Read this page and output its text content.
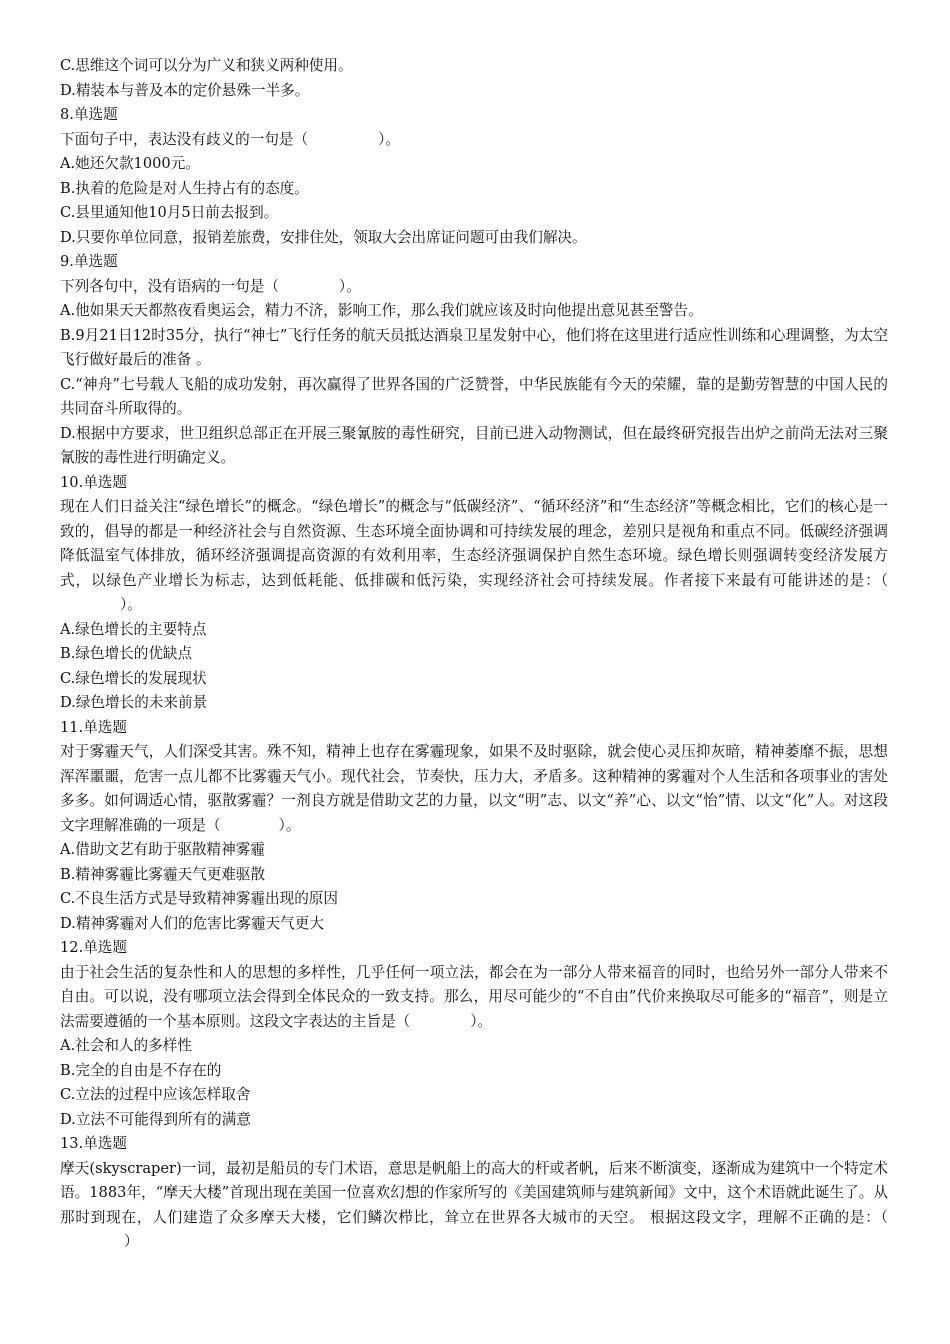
C.思维这个词可以分为广义和狭义两种使用。
D.精装本与普及本的定价悬殊一半多。
8.单选题
下面句子中，表达没有歧义的一句是（	）。
A.她还欠款1000元。
B.执着的危险是对人生持占有的态度。
C.县里通知他10月5日前去报到。
D.只要你单位同意，报销差旅费，安排住处，领取大会出席证问题可由我们解决。
9.单选题
下列各句中，没有语病的一句是（	）。
A.他如果天天都熬夜看奥运会，精力不济，影响工作，那么我们就应该及时向他提出意见甚至警告。
B.9月21日12时35分，执行“神七”飞行任务的航天员抵达酒泉卫星发射中心，他们将在这里进行适应性训练和心理调整，为太空飞行做好最后的准备 。
C.“神舟”七号载人飞船的成功发射，再次赢得了世界各国的广泛赞誉，中华民族能有今天的荣耀，靠的是勤劳智慧的中国人民的共同奋斗所取得的。
D.根据中方要求，世卫组织总部正在开展三聚氰胺的毒性研究，目前已进入动物测试，但在最终研究报告出炉之前尚无法对三聚氰胺的毒性进行明确定义。
10.单选题
现在人们日益关注“绿色增长”的概念。“绿色增长”的概念与“低碳经济”、“循环经济”和“生态经济”等概念相比，它们的核心是一致的，倡导的都是一种经济社会与自然资源、生态环境全面协调和可持续发展的理念，差别只是视角和重点不同。低碳经济强调降低温室气体排放，循环经济强调提高资源的有效利用率，生态经济强调保护自然生态环境。绿色增长则强调转变经济发展方式，以绿色产业增长为标志，达到低耗能、低排碳和低污染，实现经济社会可持续发展。作者接下来最有可能讲述的是：（）。
A.绿色增长的主要特点
B.绿色增长的优缺点
C.绿色增长的发展现状
D.绿色增长的未来前景
11.单选题
对于雾霾天气，人们深受其害。殊不知，精神上也存在雾霾现象，如果不及时驱除，就会使心灵压抑灰暗，精神萎靡不振，思想浑浑噩噩，危害一点儿都不比雾霾天气小。现代社会，节奏快，压力大，矛盾多。这种精神的雾霾对个人生活和各项事业的害处多多。如何调适心情，驱散雾霾？一剂良方就是借助文艺的力量，以文“明”志、以文“养”心、以文“怡”情、以文“化”人。对这段文字理解准确的一项是（	）。
A.借助文艺有助于驱散精神雾霾
B.精神雾霾比雾霾天气更难驱散
C.不良生活方式是导致精神雾霾出现的原因
D.精神雾霾对人们的危害比雾霾天气更大
12.单选题
由于社会生活的复杂性和人的思想的多样性，几乎任何一项立法，都会在为一部分人带来福音的同时，也给另外一部分人带来不自由。可以说，没有哪项立法会得到全体民众的一致支持。那么，用尽可能少的“不自由”代价来换取尽可能多的“福音”，则是立法需要遵循的一个基本原则。这段文字表达的主旨是（	）。
A.社会和人的多样性
B.完全的自由是不存在的
C.立法的过程中应该怎样取舍
D.立法不可能得到所有的满意
13.单选题
摩天(skyscraper)一词，最初是船员的专门术语，意思是帆船上的高大的杆或者帆，后来不断演变，逐渐成为建筑中一个特定术语。1883年，“摩天大楼”首现出现在美国一位喜欢幻想的作家所写的《美国建筑师与建筑新闻》文中，这个术语就此诞生了。从那时到现在，人们建造了众多摩天大楼，它们鳞次栉比，耸立在世界各大城市的天空。 根据这段文字，理解不正确的是：（）
